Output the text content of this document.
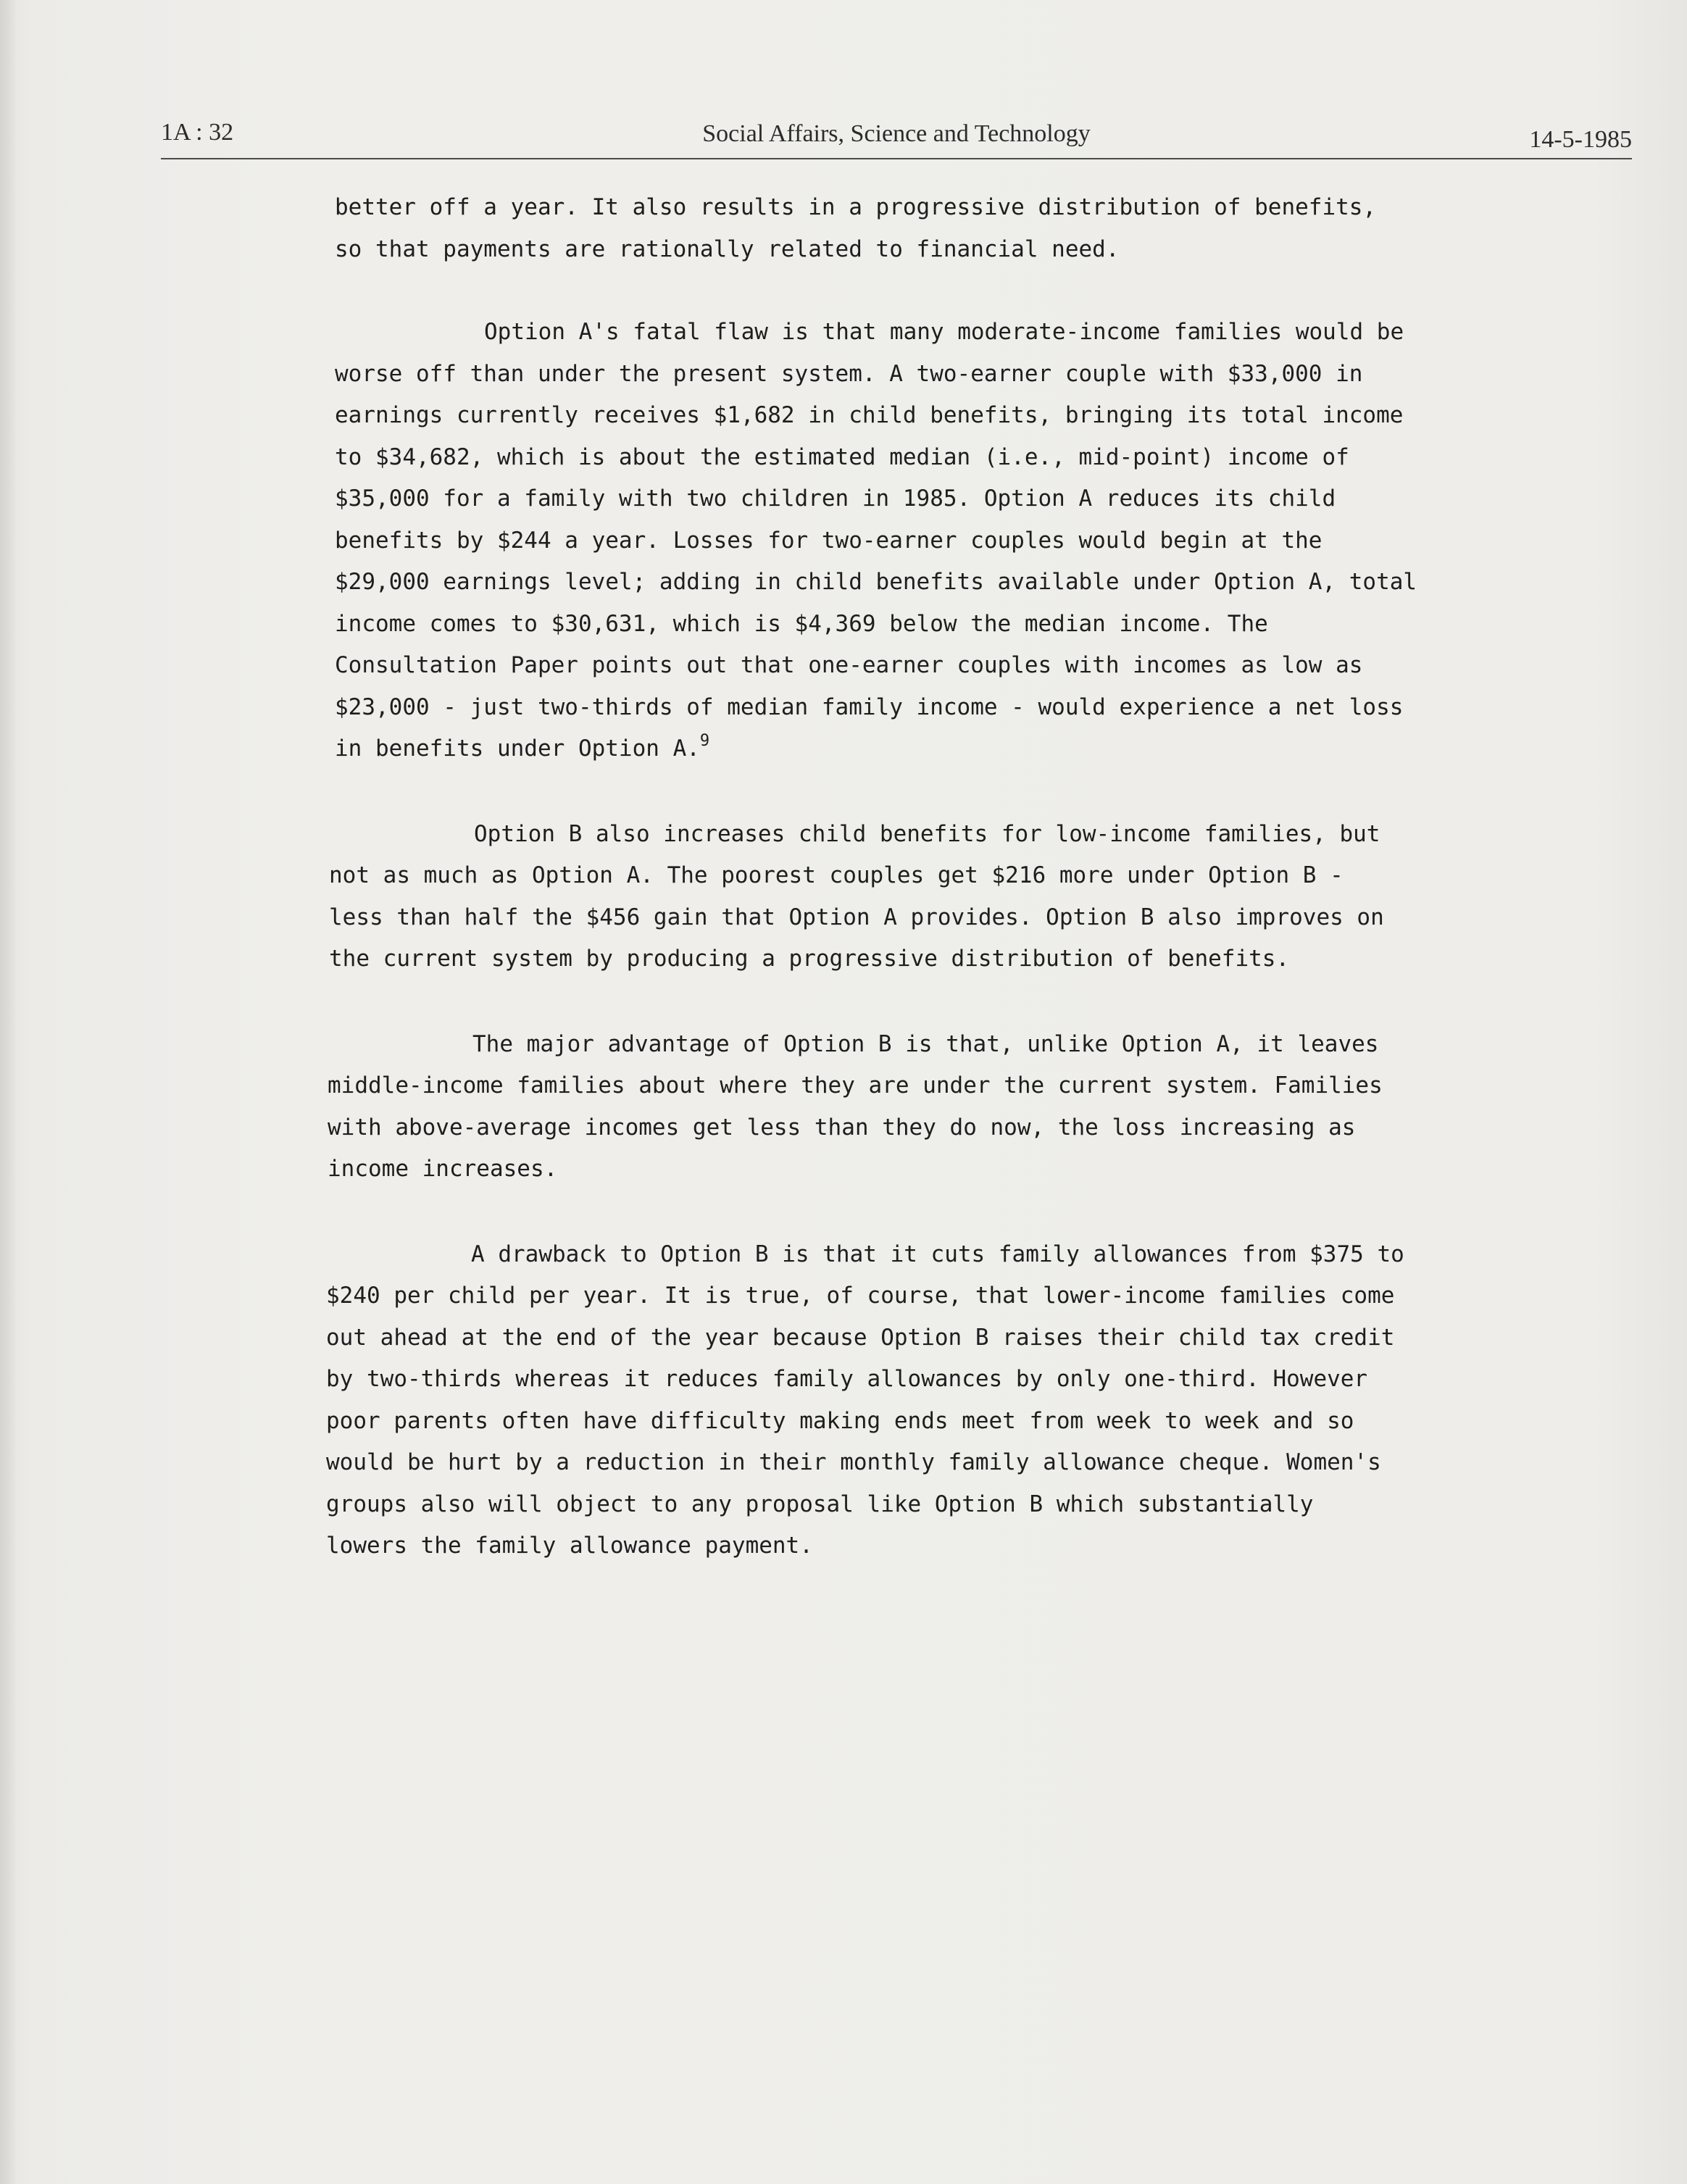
1A : 32	Social Affairs, Science and Technology	14-5-1985

better off a year. It also results in a progressive distribution of benefits,
so that payments are rationally related to financial need.

Option A's fatal flaw is that many moderate-income families would be
worse off than under the present system. A two-earner couple with $33,000 in
earnings currently receives $1,682 in child benefits, bringing its total income
to $34,682, which is about the estimated median (i.e., mid-point) income of
$35,000 for a family with two children in 1985. Option A reduces its child
benefits by $244 a year. Losses for two-earner couples would begin at the
$29,000 earnings level; adding in child benefits available under Option A, total
income comes to $30,631, which is $4,369 below the median income. The
Consultation Paper points out that one-earner couples with incomes as low as
$23,000 - just two-thirds of median family income - would experience a net loss
in benefits under Option A.$^9$

Option B also increases child benefits for low-income families, but
not as much as Option A. The poorest couples get $216 more under Option B -
less than half the $456 gain that Option A provides. Option B also improves on
the current system by producing a progressive distribution of benefits.

The major advantage of Option B is that, unlike Option A, it leaves
middle-income families about where they are under the current system. Families
with above-average incomes get less than they do now, the loss increasing as
income increases.

A drawback to Option B is that it cuts family allowances from $375 to
$240 per child per year. It is true, of course, that lower-income families come
out ahead at the end of the year because Option B raises their child tax credit
by two-thirds whereas it reduces family allowances by only one-third. However
poor parents often have difficulty making ends meet from week to week and so
would be hurt by a reduction in their monthly family allowance cheque. Women's
groups also will object to any proposal like Option B which substantially
lowers the family allowance payment.
